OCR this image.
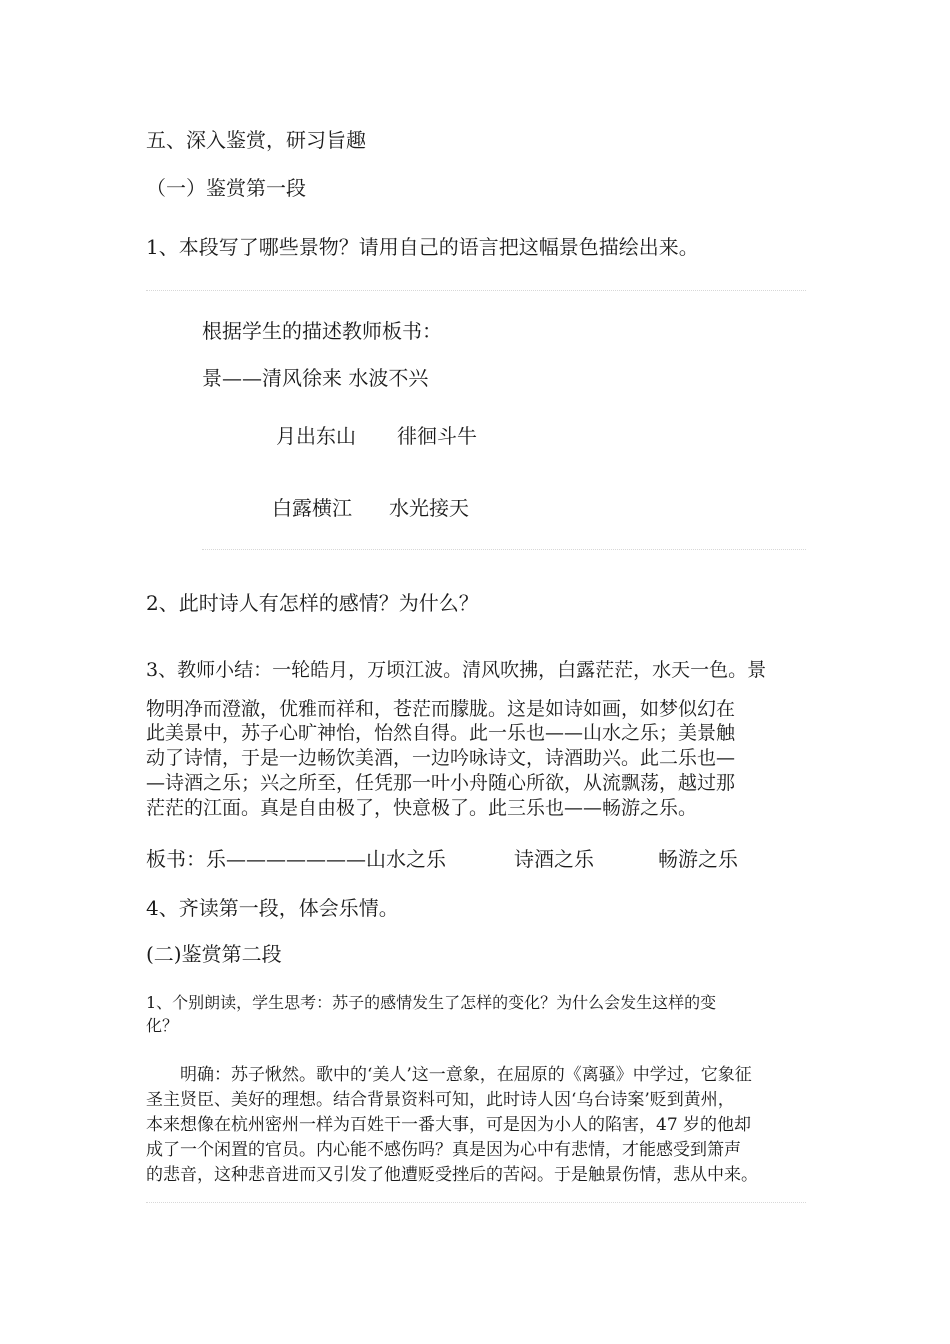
五、深入鉴赏，研习旨趣
（一）鉴赏第一段
1、本段写了哪些景物？请用自己的语言把这幅景色描绘出来。
根据学生的描述教师板书：
景——清风徐来 水波不兴
月出东山 徘徊斗牛
白露横江 水光接天
2、此时诗人有怎样的感情？为什么？
3、教师小结：一轮皓月，万顷江波。清风吹拂，白露茫茫，水天一色。景
物明净而澄澈，优雅而祥和，苍茫而朦胧。这是如诗如画，如梦似幻在
此美景中，苏子心旷神怡，怡然自得。此一乐也——山水之乐；美景触
动了诗情，于是一边畅饮美酒，一边吟咏诗文，诗酒助兴。此二乐也—
—诗酒之乐；兴之所至，任凭那一叶小舟随心所欲，从流飘荡，越过那
茫茫的江面。真是自由极了，快意极了。此三乐也——畅游之乐。
板书：乐———————山水之乐	诗酒之乐	畅游之乐
4、齐读第一段，体会乐情。
(二)鉴赏第二段
1、个别朗读，学生思考：苏子的感情发生了怎样的变化？为什么会发生这样的变
化？
明确：苏子愀然。歌中的‘美人’这一意象，在屈原的《离骚》中学过，它象征
圣主贤臣、美好的理想。结合背景资料可知，此时诗人因‘乌台诗案’贬到黄州，
本来想像在杭州密州一样为百姓干一番大事，可是因为小人的陷害，47 岁的他却
成了一个闲置的官员。内心能不感伤吗？真是因为心中有悲情，才能感受到箫声
的悲音，这种悲音进而又引发了他遭贬受挫后的苦闷。于是触景伤情，悲从中来。
